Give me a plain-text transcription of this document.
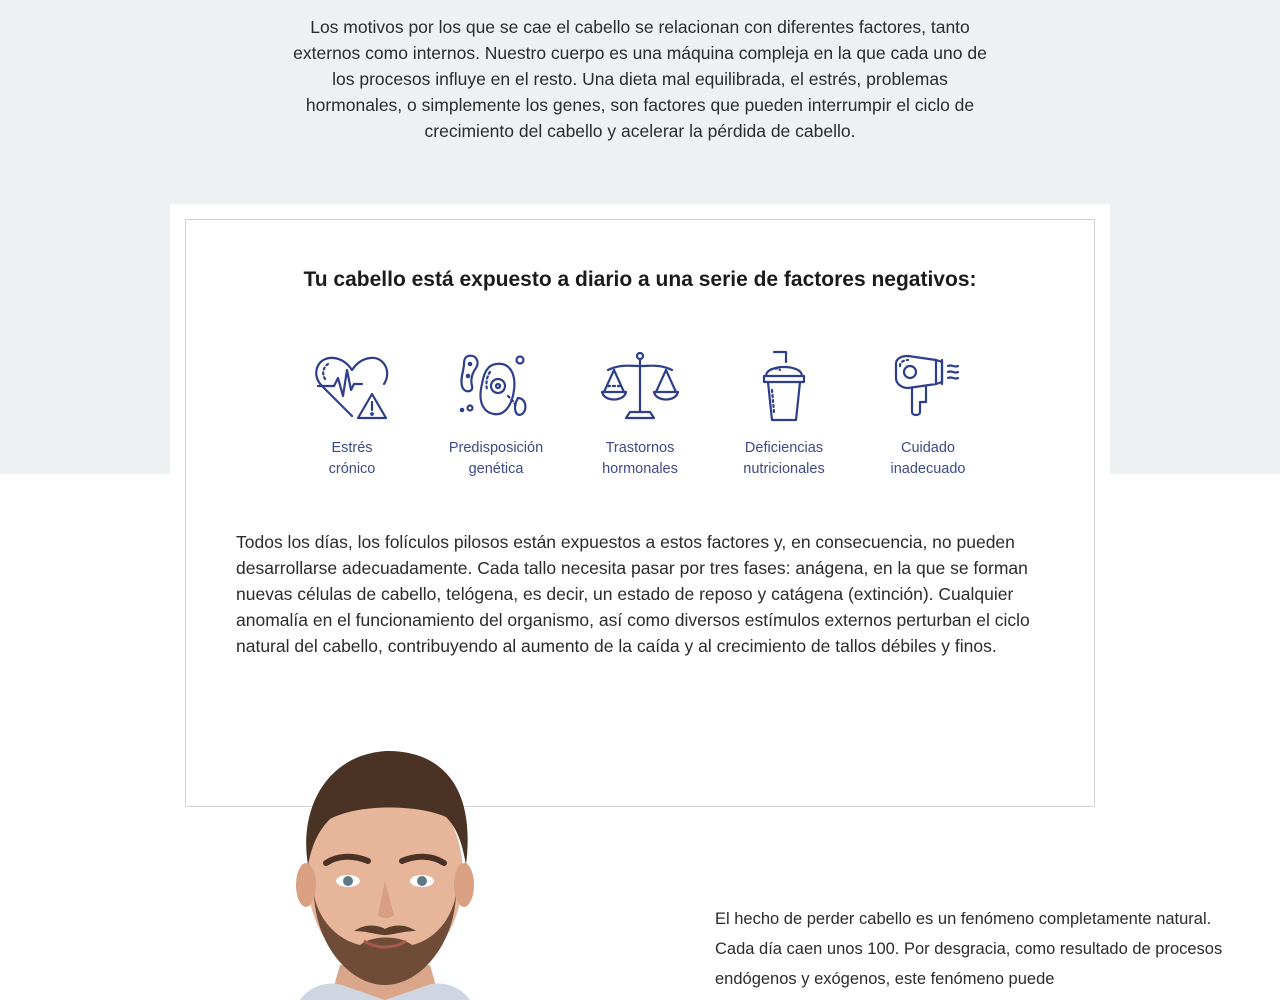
Los motivos por los que se cae el cabello se relacionan con diferentes factores, tanto externos como internos. Nuestro cuerpo es una máquina compleja en la que cada uno de los procesos influye en el resto. Una dieta mal equilibrada, el estrés, problemas hormonales, o simplemente los genes, son factores que pueden interrumpir el ciclo de crecimiento del cabello y acelerar la pérdida de cabello.

Tu cabello está expuesto a diario a una serie de factores negativos:
Estrés
crónico
Predisposición
genética
Trastornos
hormonales
Deficiencias
nutricionales
Cuidado
inadecuado

Todos los días, los folículos pilosos están expuestos a estos factores y, en consecuencia, no pueden desarrollarse adecuadamente. Cada tallo necesita pasar por tres fases: anágena, en la que se forman nuevas células de cabello, telógena, es decir, un estado de reposo y catágena (extinción). Cualquier anomalía en el funcionamiento del organismo, así como diversos estímulos externos perturban el ciclo natural del cabello, contribuyendo al aumento de la caída y al crecimiento de tallos débiles y finos.

El hecho de perder cabello es un fenómeno completamente natural. Cada día caen unos 100. Por desgracia, como resultado de procesos endógenos y exógenos, este fenómeno puede
